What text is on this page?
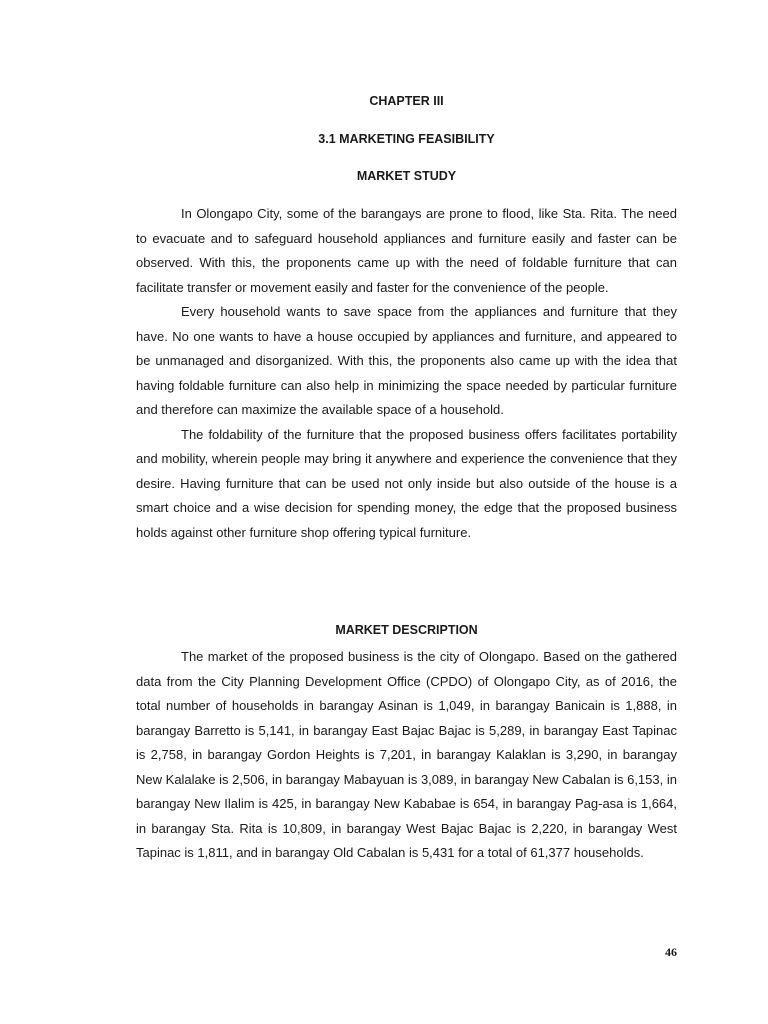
CHAPTER III
3.1 MARKETING FEASIBILITY
MARKET STUDY

In Olongapo City, some of the barangays are prone to flood, like Sta. Rita. The need to evacuate and to safeguard household appliances and furniture easily and faster can be observed. With this, the proponents came up with the need of foldable furniture that can facilitate transfer or movement easily and faster for the convenience of the people.

Every household wants to save space from the appliances and furniture that they have. No one wants to have a house occupied by appliances and furniture, and appeared to be unmanaged and disorganized. With this, the proponents also came up with the idea that having foldable furniture can also help in minimizing the space needed by particular furniture and therefore can maximize the available space of a household.

The foldability of the furniture that the proposed business offers facilitates portability and mobility, wherein people may bring it anywhere and experience the convenience that they desire. Having furniture that can be used not only inside but also outside of the house is a smart choice and a wise decision for spending money, the edge that the proposed business holds against other furniture shop offering typical furniture.

MARKET DESCRIPTION

The market of the proposed business is the city of Olongapo. Based on the gathered data from the City Planning Development Office (CPDO) of Olongapo City, as of 2016, the total number of households in barangay Asinan is 1,049, in barangay Banicain is 1,888, in barangay Barretto is 5,141, in barangay East Bajac Bajac is 5,289, in barangay East Tapinac is 2,758, in barangay Gordon Heights is 7,201, in barangay Kalaklan is 3,290, in barangay New Kalalake is 2,506, in barangay Mabayuan is 3,089, in barangay New Cabalan is 6,153, in barangay New Ilalim is 425, in barangay New Kababae is 654, in barangay Pag-asa is 1,664, in barangay Sta. Rita is 10,809, in barangay West Bajac Bajac is 2,220, in barangay West Tapinac is 1,811, and in barangay Old Cabalan is 5,431 for a total of 61,377 households.

46
